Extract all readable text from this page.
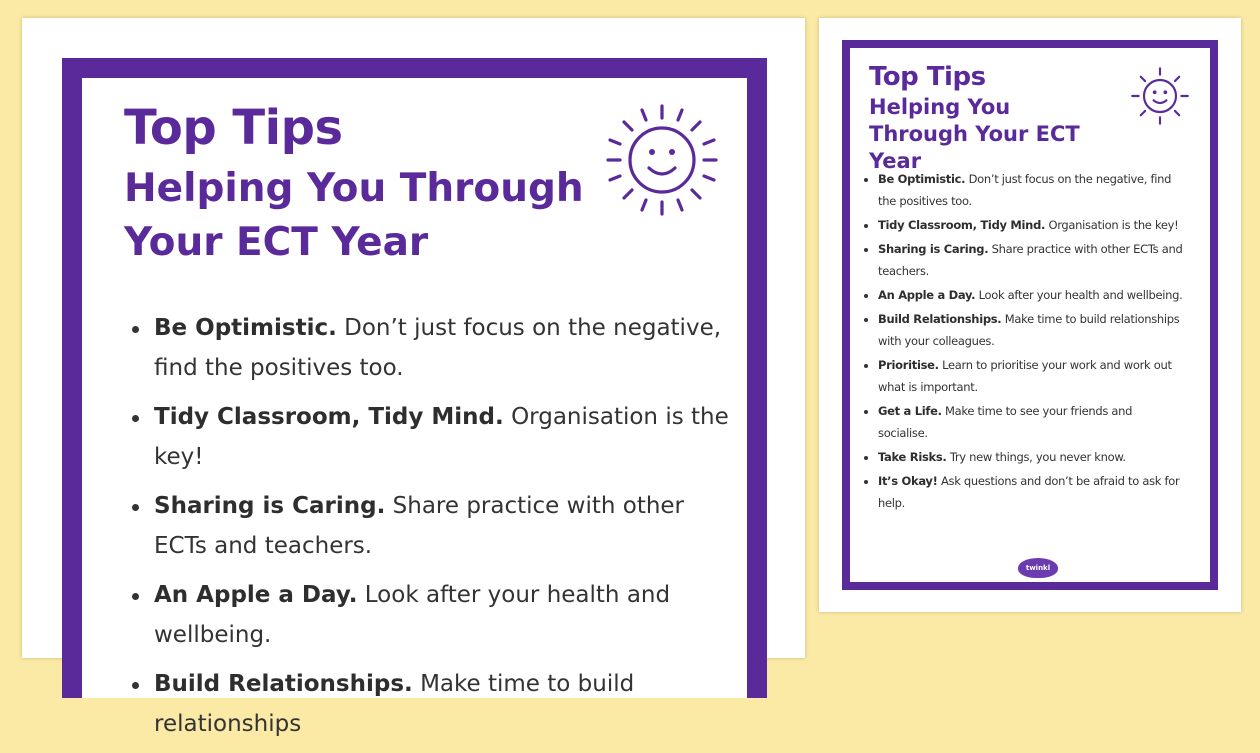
Top Tips
Helping You Through Your ECT Year
Be Optimistic. Don’t just focus on the negative, find the positives too.
Tidy Classroom, Tidy Mind. Organisation is the key!
Sharing is Caring. Share practice with other ECTs and teachers.
An Apple a Day. Look after your health and wellbeing.
Build Relationships. Make time to build relationships
Top Tips
Helping You Through Your ECT Year
Be Optimistic. Don’t just focus on the negative, find the positives too.
Tidy Classroom, Tidy Mind. Organisation is the key!
Sharing is Caring. Share practice with other ECTs and teachers.
An Apple a Day. Look after your health and wellbeing.
Build Relationships. Make time to build relationships with your colleagues.
Prioritise. Learn to prioritise your work and work out what is important.
Get a Life. Make time to see your friends and socialise.
Take Risks. Try new things, you never know.
It’s Okay! Ask questions and don’t be afraid to ask for help.
twinkl
